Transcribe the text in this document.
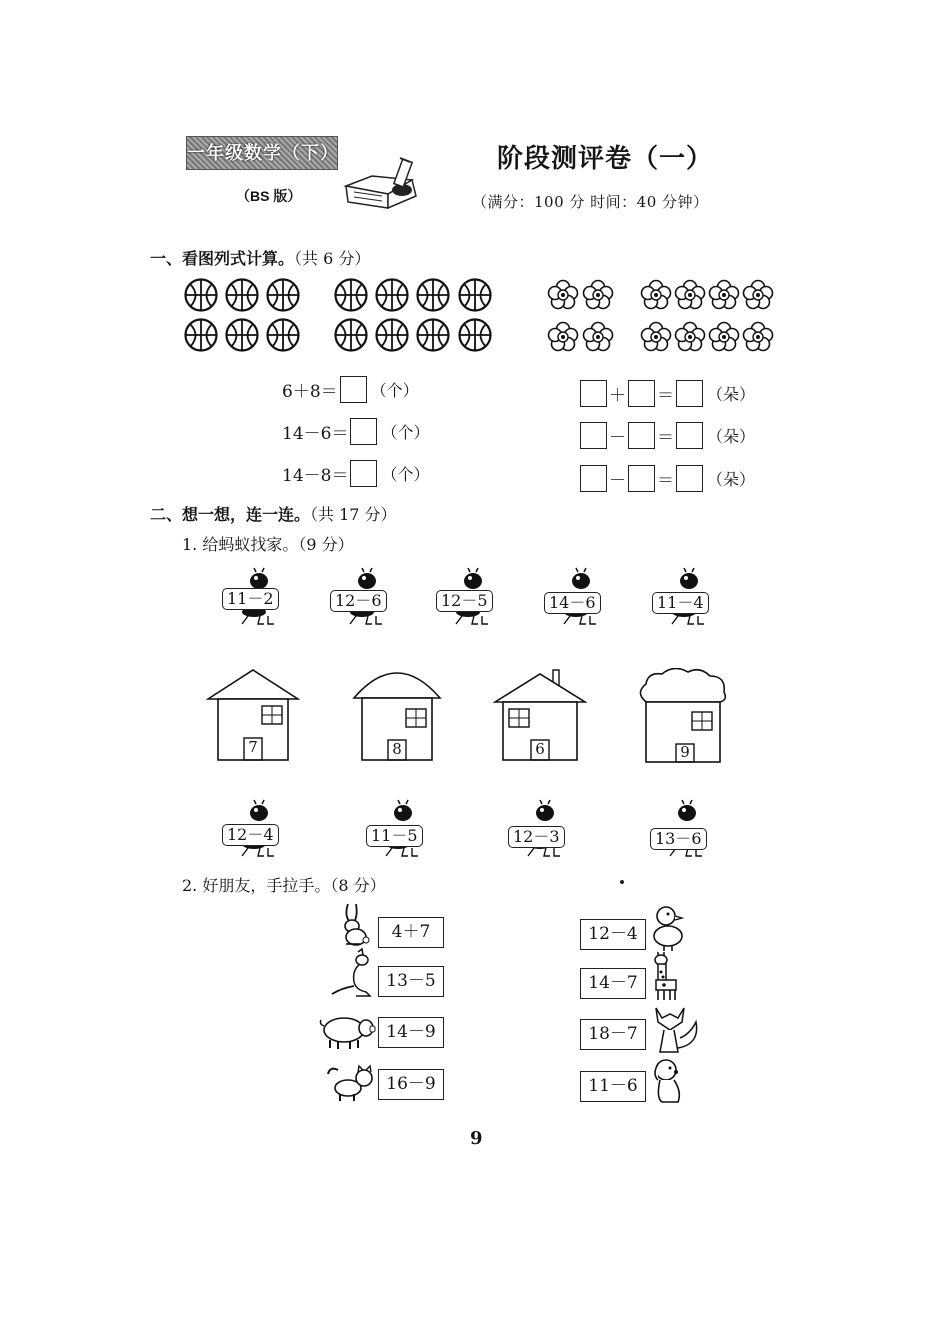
一年级数学（下）
（BS 版）
阶段测评卷（一）
（满分：100 分 时间：40 分钟）
一、看图列式计算。（共 6 分）
6＋8＝ （个）
14－6＝ （个）
14－8＝ （个）
＋ ＝ （朵）
－ ＝ （朵）
－ ＝ （朵）
二、想一想，连一连。（共 17 分）
1. 给蚂蚁找家。（9 分）
11－2	12－6	12－5	14－6	11－4
7	8	6	9
12－4	11－5	12－3	13－6
2. 好朋友，手拉手。（8 分）
4＋7
13－5
14－9
16－9
12－4
14－7
18－7
11－6
9
